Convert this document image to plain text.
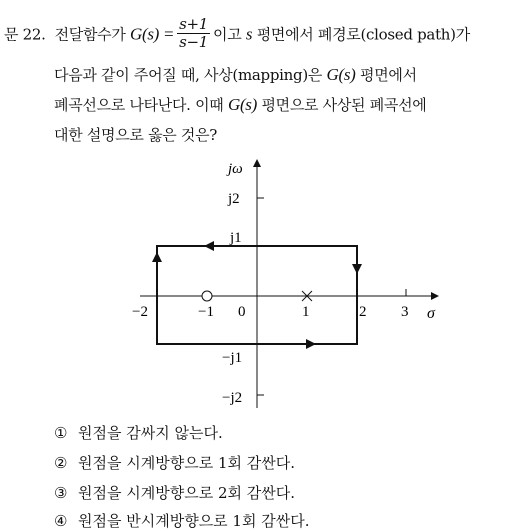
문 22. 전달함수가 $G(s) = \frac{s+1}{s-1}$ 이고 s 평면에서 폐경로(closed path)가
다음과 같이 주어질 때, 사상(mapping)은 G(s) 평면에서
폐곡선으로 나타난다. 이때 G(s) 평면으로 사상된 폐곡선에
대한 설명으로 옳은 것은?
jω
σ
j2
j1
−j1
−j2
−2	−1 0	1	2 3
① 원점을 감싸지 않는다.
② 원점을 시계방향으로 1회 감싼다.
③ 원점을 시계방향으로 2회 감싼다.
④ 원점을 반시계방향으로 1회 감싼다.
